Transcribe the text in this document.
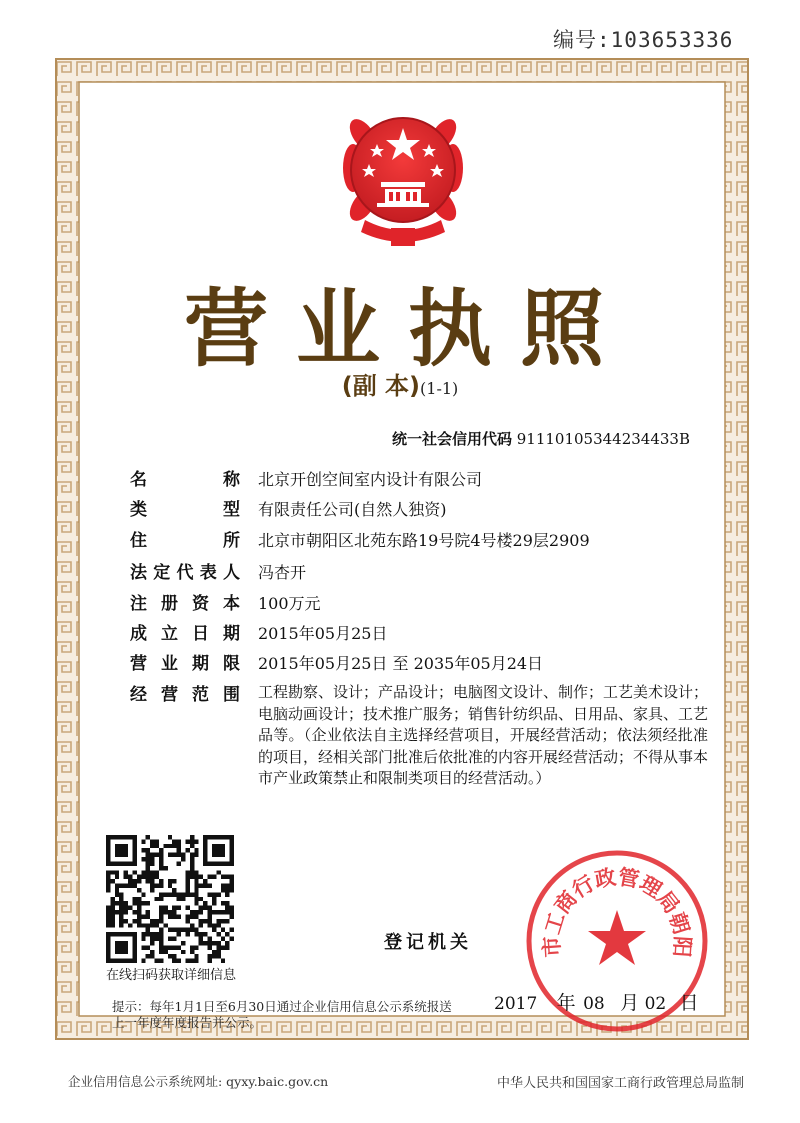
编号:103653336
营 业 执 照
(副 本)(1-1)
统一社会信用代码 91110105344234433B
名	称 北京开创空间室内设计有限公司
类	型 有限责任公司(自然人独资)
住	所 北京市朝阳区北苑东路19号院4号楼29层2909
法 定 代 表 人 冯杏开
注 册 资 本 100万元
成 立 日 期 2015年05月25日
营 业 期 限 2015年05月25日 至 2035年05月24日
经 营 范 围 工程勘察、设计；产品设计；电脑图文设计、制作；工艺美术设计；电脑动画设计；技术推广服务；销售针纺织品、日用品、家具、工艺品等。（企业依法自主选择经营项目，开展经营活动；依法须经批准的项目，经相关部门批准后依批准的内容开展经营活动；不得从事本市产业政策禁止和限制类项目的经营活动。）
在线扫码获取详细信息
登记机关
提示：每年1月1日至6月30日通过企业信用信息公示系统报送上一年度年度报告并公示。
市工商行政管理局朝阳
2017 年 08 月 02 日
企业信用信息公示系统网址: qyxy.baic.gov.cn	中华人民共和国国家工商行政管理总局监制
